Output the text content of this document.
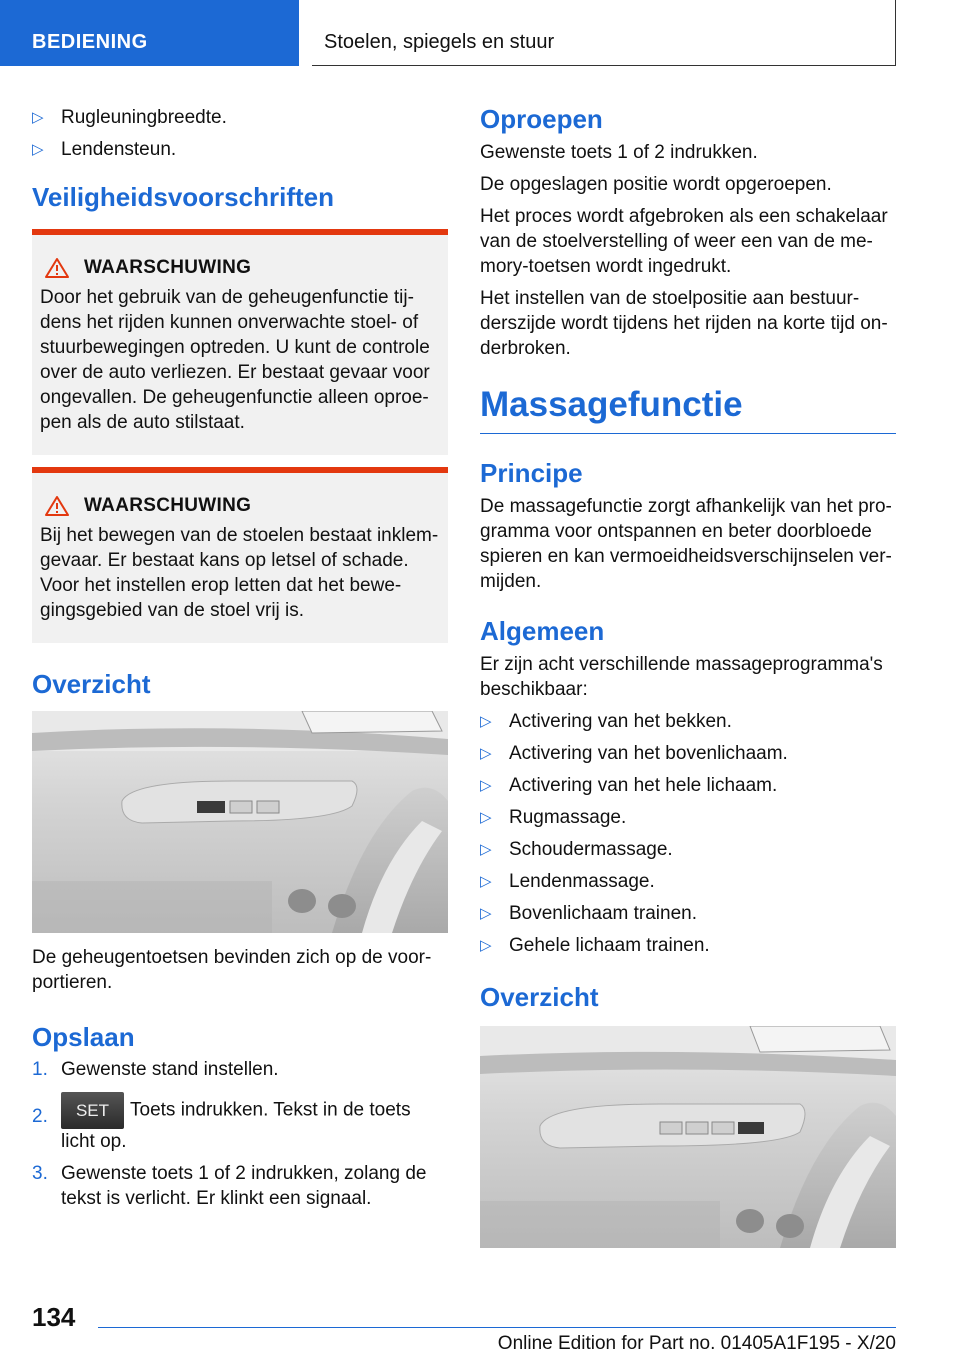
BEDIENING	Stoelen, spiegels en stuur
▷ Rugleuningbreedte.
▷ Lendensteun.
Veiligheidsvoorschriften
WAARSCHUWING

Door het gebruik van de geheugenfunctie tij-dens het rijden kunnen onverwachte stoel- of stuurbewegingen optreden. U kunt de controle over de auto verliezen. Er bestaat gevaar voor ongevallen. De geheugenfunctie alleen oproe-pen als de auto stilstaat.

WAARSCHUWING

Bij het bewegen van de stoelen bestaat inklem-gevaar. Er bestaat kans op letsel of schade. Voor het instellen erop letten dat het bewe-gingsgebied van de stoel vrij is.

Overzicht

De geheugentoetsen bevinden zich op de voor-portieren.

Opslaan
1. Gewenste stand instellen.
2. SET Toets indrukken. Tekst in de toets licht op.
3. Gewenste toets 1 of 2 indrukken, zolang de tekst is verlicht. Er klinkt een signaal.
Oproepen

Gewenste toets 1 of 2 indrukken.

De opgeslagen positie wordt opgeroepen.

Het proces wordt afgebroken als een schakelaar van de stoelverstelling of weer een van de me-mory-toetsen wordt ingedrukt.

Het instellen van de stoelpositie aan bestuur-derszijde wordt tijdens het rijden na korte tijd on-derbroken.

Massagefunctie
Principe

De massagefunctie zorgt afhankelijk van het pro-gramma voor ontspannen en beter doorbloede spieren en kan vermoeidheidsverschijnselen ver-mijden.

Algemeen

Er zijn acht verschillende massageprogramma's beschikbaar:

▷ Activering van het bekken.
▷ Activering van het bovenlichaam.
▷ Activering van het hele lichaam.
▷ Rugmassage.
▷ Schoudermassage.
▷ Lendenmassage.
▷ Bovenlichaam trainen.
▷ Gehele lichaam trainen.
Overzicht
134
Online Edition for Part no. 01405A1F195 - X/20
